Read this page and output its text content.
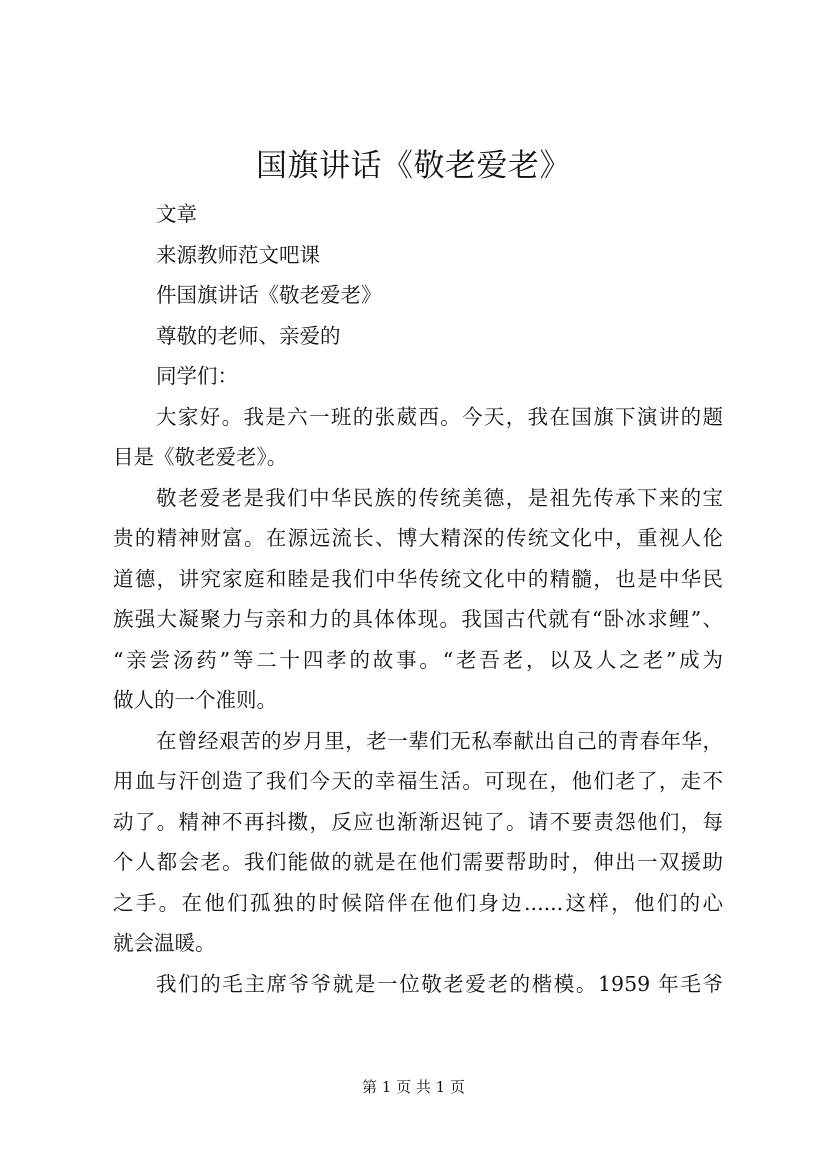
国旗讲话《敬老爱老》

文章

来源教师范文吧课

件国旗讲话《敬老爱老》

尊敬的老师、亲爱的

同学们：

大家好。我是六一班的张葳西。今天，我在国旗下演讲的题

目是《敬老爱老》。

敬老爱老是我们中华民族的传统美德，是祖先传承下来的宝

贵的精神财富。在源远流长、博大精深的传统文化中，重视人伦

道德，讲究家庭和睦是我们中华传统文化中的精髓，也是中华民

族强大凝聚力与亲和力的具体体现。我国古代就有“卧冰求鲤”、

“亲尝汤药”等二十四孝的故事。“老吾老，以及人之老”成为

做人的一个准则。

在曾经艰苦的岁月里，老一辈们无私奉献出自己的青春年华，

用血与汗创造了我们今天的幸福生活。可现在，他们老了，走不

动了。精神不再抖擞，反应也渐渐迟钝了。请不要责怨他们，每

个人都会老。我们能做的就是在他们需要帮助时，伸出一双援助

之手。在他们孤独的时候陪伴在他们身边......这样，他们的心

就会温暖。

我们的毛主席爷爷就是一位敬老爱老的楷模。1959 年毛爷

第 1 页 共 1 页
